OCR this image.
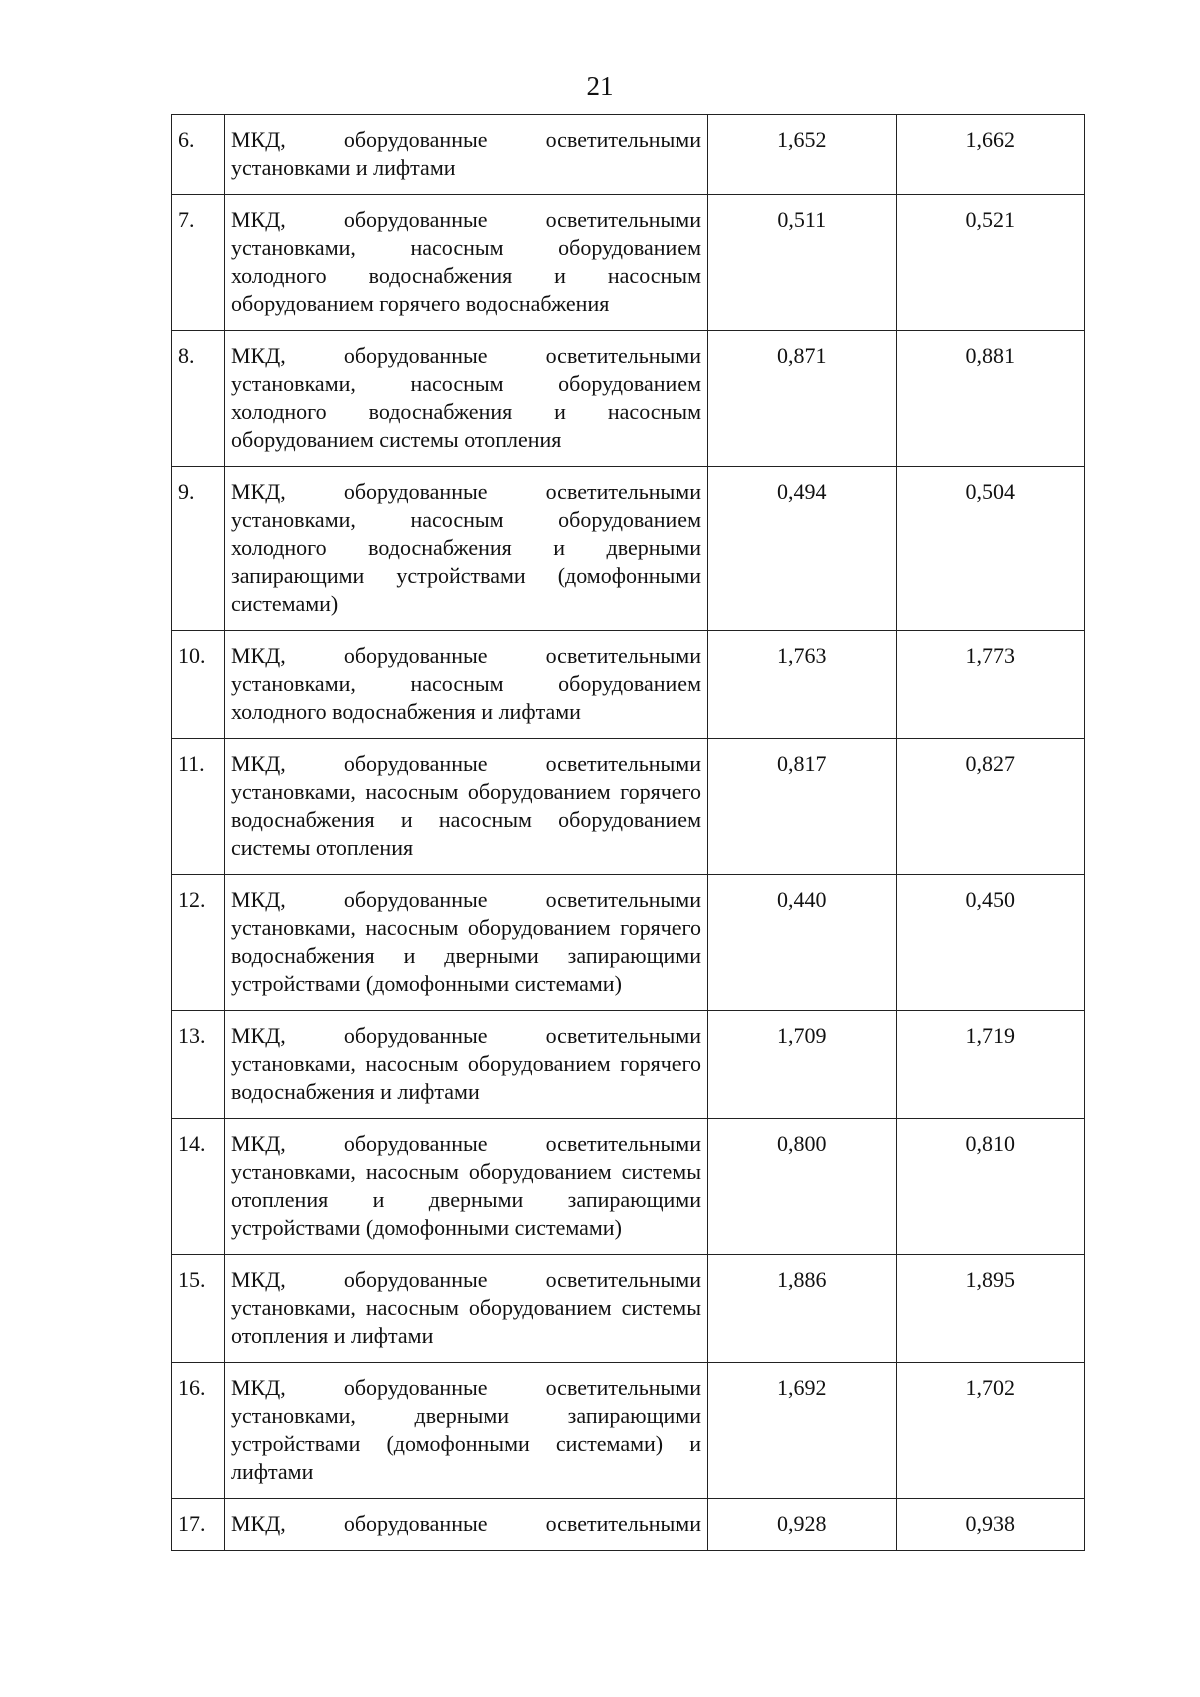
21
6.	МКД, оборудованные осветительными установками и лифтами	1,652	1,662
7.	МКД, оборудованные осветительными установками, насосным оборудованием холодного водоснабжения и насосным оборудованием горячего водоснабжения	0,511	0,521
8.	МКД, оборудованные осветительными установками, насосным оборудованием холодного водоснабжения и насосным оборудованием системы отопления	0,871	0,881
9.	МКД, оборудованные осветительными установками, насосным оборудованием холодного водоснабжения и дверными запирающими устройствами (домофонными системами)	0,494	0,504
10.	МКД, оборудованные осветительными установками, насосным оборудованием холодного водоснабжения и лифтами	1,763	1,773
11.	МКД, оборудованные осветительными установками, насосным оборудованием горячего водоснабжения и насосным оборудованием системы отопления	0,817	0,827
12.	МКД, оборудованные осветительными установками, насосным оборудованием горячего водоснабжения и дверными запирающими устройствами (домофонными системами)	0,440	0,450
13.	МКД, оборудованные осветительными установками, насосным оборудованием горячего водоснабжения и лифтами	1,709	1,719
14.	МКД, оборудованные осветительными установками, насосным оборудованием системы отопления и дверными запирающими устройствами (домофонными системами)	0,800	0,810
15.	МКД, оборудованные осветительными установками, насосным оборудованием системы отопления и лифтами	1,886	1,895
16.	МКД, оборудованные осветительными установками, дверными запирающими устройствами (домофонными системами) и лифтами	1,692	1,702
17.	МКД, оборудованные осветительными	0,928	0,938
